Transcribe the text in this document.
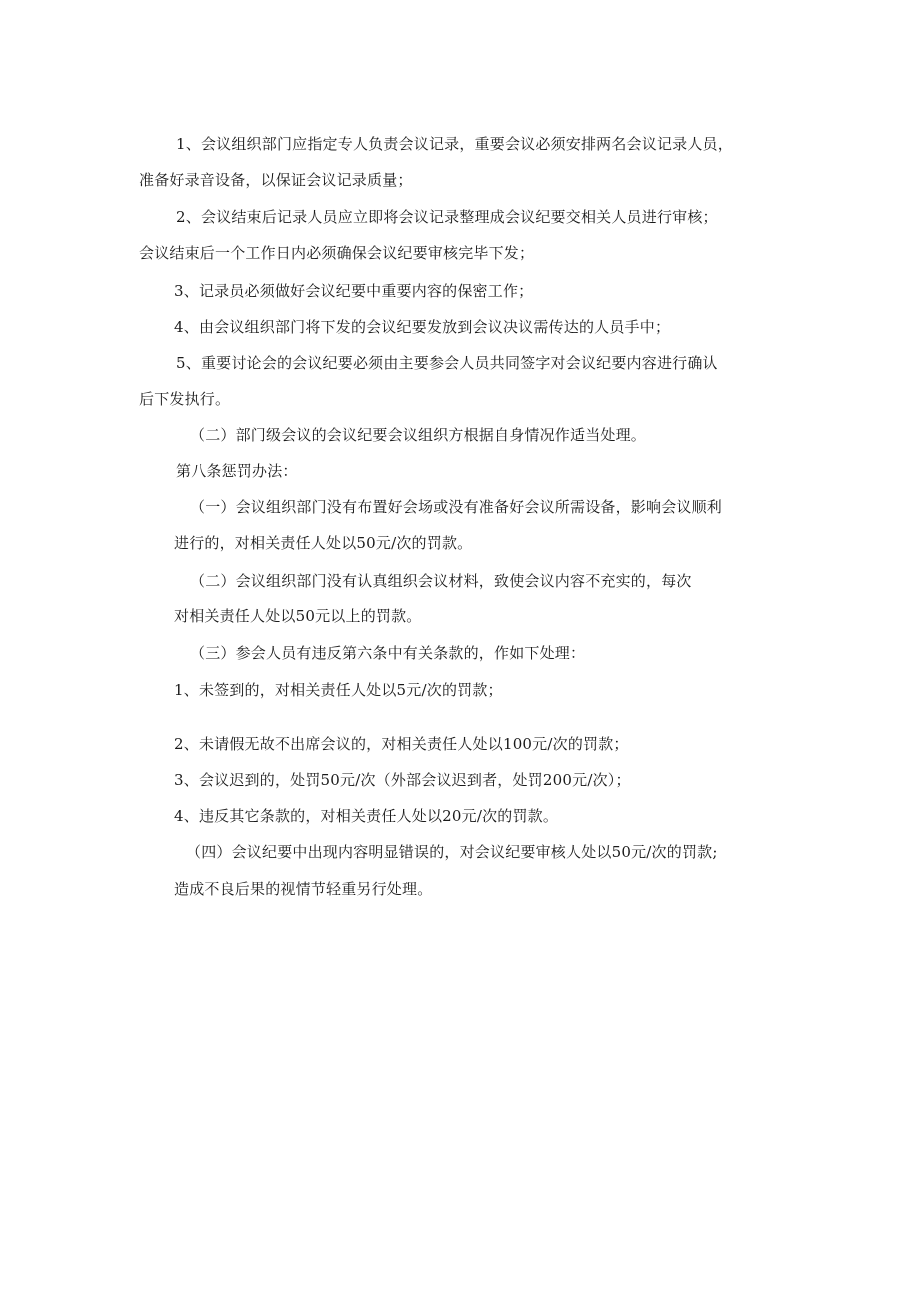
1、会议组织部门应指定专人负责会议记录，重要会议必须安排两名会议记录人员，
准备好录音设备，以保证会议记录质量；
2、会议结束后记录人员应立即将会议记录整理成会议纪要交相关人员进行审核；
会议结束后一个工作日内必须确保会议纪要审核完毕下发；
3、记录员必须做好会议纪要中重要内容的保密工作；
4、由会议组织部门将下发的会议纪要发放到会议决议需传达的人员手中；
5、重要讨论会的会议纪要必须由主要参会人员共同签字对会议纪要内容进行确认
后下发执行。
（二）部门级会议的会议纪要会议组织方根据自身情况作适当处理。
第八条惩罚办法：
（一）会议组织部门没有布置好会场或没有准备好会议所需设备，影响会议顺利
进行的，对相关责任人处以50元/次的罚款。
（二）会议组织部门没有认真组织会议材料，致使会议内容不充实的，每次
对相关责任人处以50元以上的罚款。
（三）参会人员有违反第六条中有关条款的，作如下处理：
1、未签到的，对相关责任人处以5元/次的罚款；
2、未请假无故不出席会议的，对相关责任人处以100元/次的罚款；
3、会议迟到的，处罚50元/次（外部会议迟到者，处罚200元/次）；
4、违反其它条款的，对相关责任人处以20元/次的罚款。
（四）会议纪要中出现内容明显错误的，对会议纪要审核人处以50元/次的罚款;
造成不良后果的视情节轻重另行处理。
